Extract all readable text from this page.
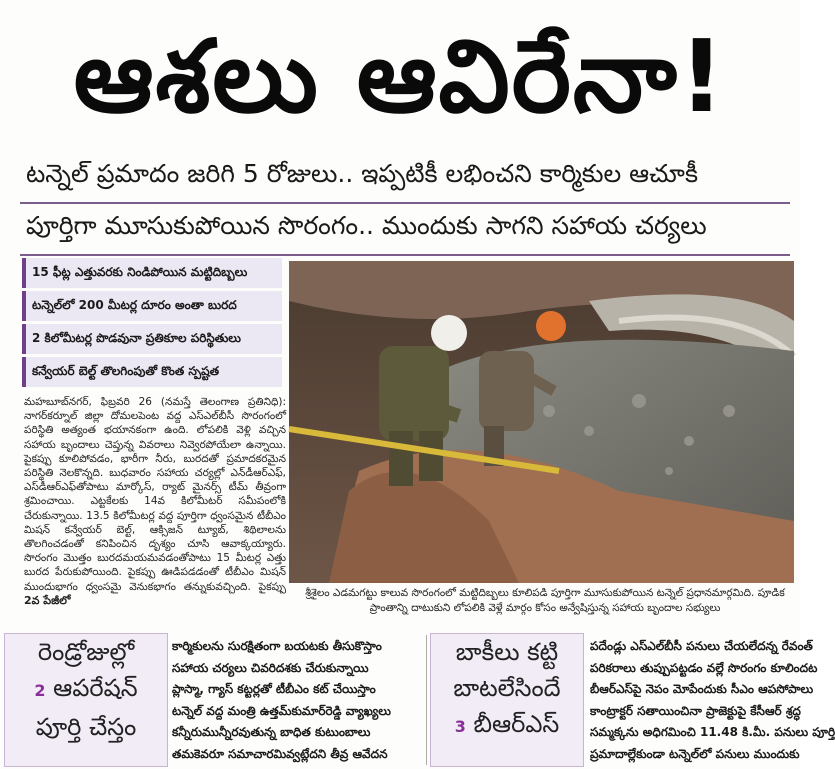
ఆశలు ఆవిరేనా!
టన్నెల్ ప్రమాదం జరిగి 5 రోజులు.. ఇప్పటికీ లభించని కార్మికుల ఆచూకీ
పూర్తిగా మూసుకుపోయిన సొరంగం.. ముందుకు సాగని సహాయ చర్యలు
15 ఫీట్ల ఎత్తువరకు నిండిపోయిన మట్టిదిబ్బలు
టన్నెల్‌లో 200 మీటర్ల దూరం అంతా బురద
2 కిలోమీటర్ల పొడవునా ప్రతికూల పరిస్థితులు
కన్వేయర్ బెల్ట్ తొలగింపుతో కొంత స్పష్టత
మహబూబ్‌నగర్, ఫిబ్రవరి 26 (నమస్తే తెలంగాణ ప్రతినిధి): నాగర్‌కర్నూల్ జిల్లా దోమలపెంట వద్ద ఎస్‌ఎల్‌బీసీ సొరంగంలో పరిస్థితి అత్యంత భయానకంగా ఉంది. లోపలికి వెళ్లి వచ్చిన సహాయ బృందాలు చెప్తున్న వివరాలు నివ్వెరపోయేలా ఉన్నాయి. పైకప్పు కూలిపోవడం, భారీగా నీరు, బురదతో ప్రమాదకరమైన పరిస్థితి నెలకొన్నది. బుధవారం సహాయ చర్యల్లో ఎన్‌డీఆర్‌ఎఫ్, ఎస్‌డీఆర్‌ఎఫ్‌తోపాటు మార్కోస్, ర్యాట్ మైనర్స్ టీమ్ తీవ్రంగా శ్రమించాయి. ఎట్టకేలకు 14వ కిలోమీటర్ సమీపంలోకి చేరుకున్నాయి. 13.5 కిలోమీటర్ల వద్ద పూర్తిగా ధ్వంసమైన టీబీఎం మిషన్ కన్వేయర్ బెల్ట్, ఆక్సిజన్ ట్యూబ్, శిథిలాలను తొలగించడంతో కనిపించిన దృశ్యం చూసి ఆవాక్కయ్యారు. సొరంగం మొత్తం బురదమయమవడంతోపాటు 15 మీటర్ల ఎత్తు బురద పేరుకుపోయింది. పైకప్పు ఊడిపడడంతో టీబీఎం మిషన్ ముందుభాగం ధ్వంసమై వెనుకభాగం తన్నుకువచ్చింది. పైకప్పు 2వ పేజీలో
శ్రీశైలం ఎడమగట్టు కాలువ సొరంగంలో మట్టిదిబ్బలు కూలిపడి పూర్తిగా మూసుకుపోయిన టన్నెల్ ప్రధానమార్గమిది. పూడిక ప్రాంతాన్ని దాటుకుని లోపలికి వెళ్లే మార్గం కోసం అన్వేషిస్తున్న సహాయ బృందాల సభ్యులు
రెండ్రోజుల్లో
2 ఆపరేషన్
పూర్తి చేస్తం
కార్మికులను సురక్షితంగా బయటకు తీసుకొస్తాం
సహాయ చర్యలు చివరిదశకు చేరుకున్నాయి
ప్లాస్మా, గ్యాస్ కట్టర్లతో టీబీఎం కట్ చేయిస్తాం
టన్నెల్ వద్ద మంత్రి ఉత్తమ్‌కుమార్‌రెడ్డి వ్యాఖ్యలు
కన్నీరుమున్నీరవుతున్న బాధిత కుటుంబాలు
తమకెవరూ సమాచారమివ్వట్లేదని తీవ్ర ఆవేదన
బాకీలు కట్టి
బాటలేసిందే
3 బీఆర్‌ఎస్
పదేండ్లు ఎస్‌ఎల్‌బీసీ పనులు చేయలేదన్న రేవంత్
పరికరాలు తుప్పుపట్టడం వల్లే సొరంగం కూలిందట
బీఆర్‌ఎస్‌పై నెపం మోపేందుకు సీఎం ఆపసోపాలు
కాంట్రాక్టర్ సతాయించినా ప్రాజెక్టుపై కేసీఆర్ శ్రద్ధ
సమ్మక్కను అధిగమించి 11.48 కి.మీ. పనులు పూర్తి
ప్రమాదాల్లేకుండా టన్నెల్‌లో పనులు ముందుకు
